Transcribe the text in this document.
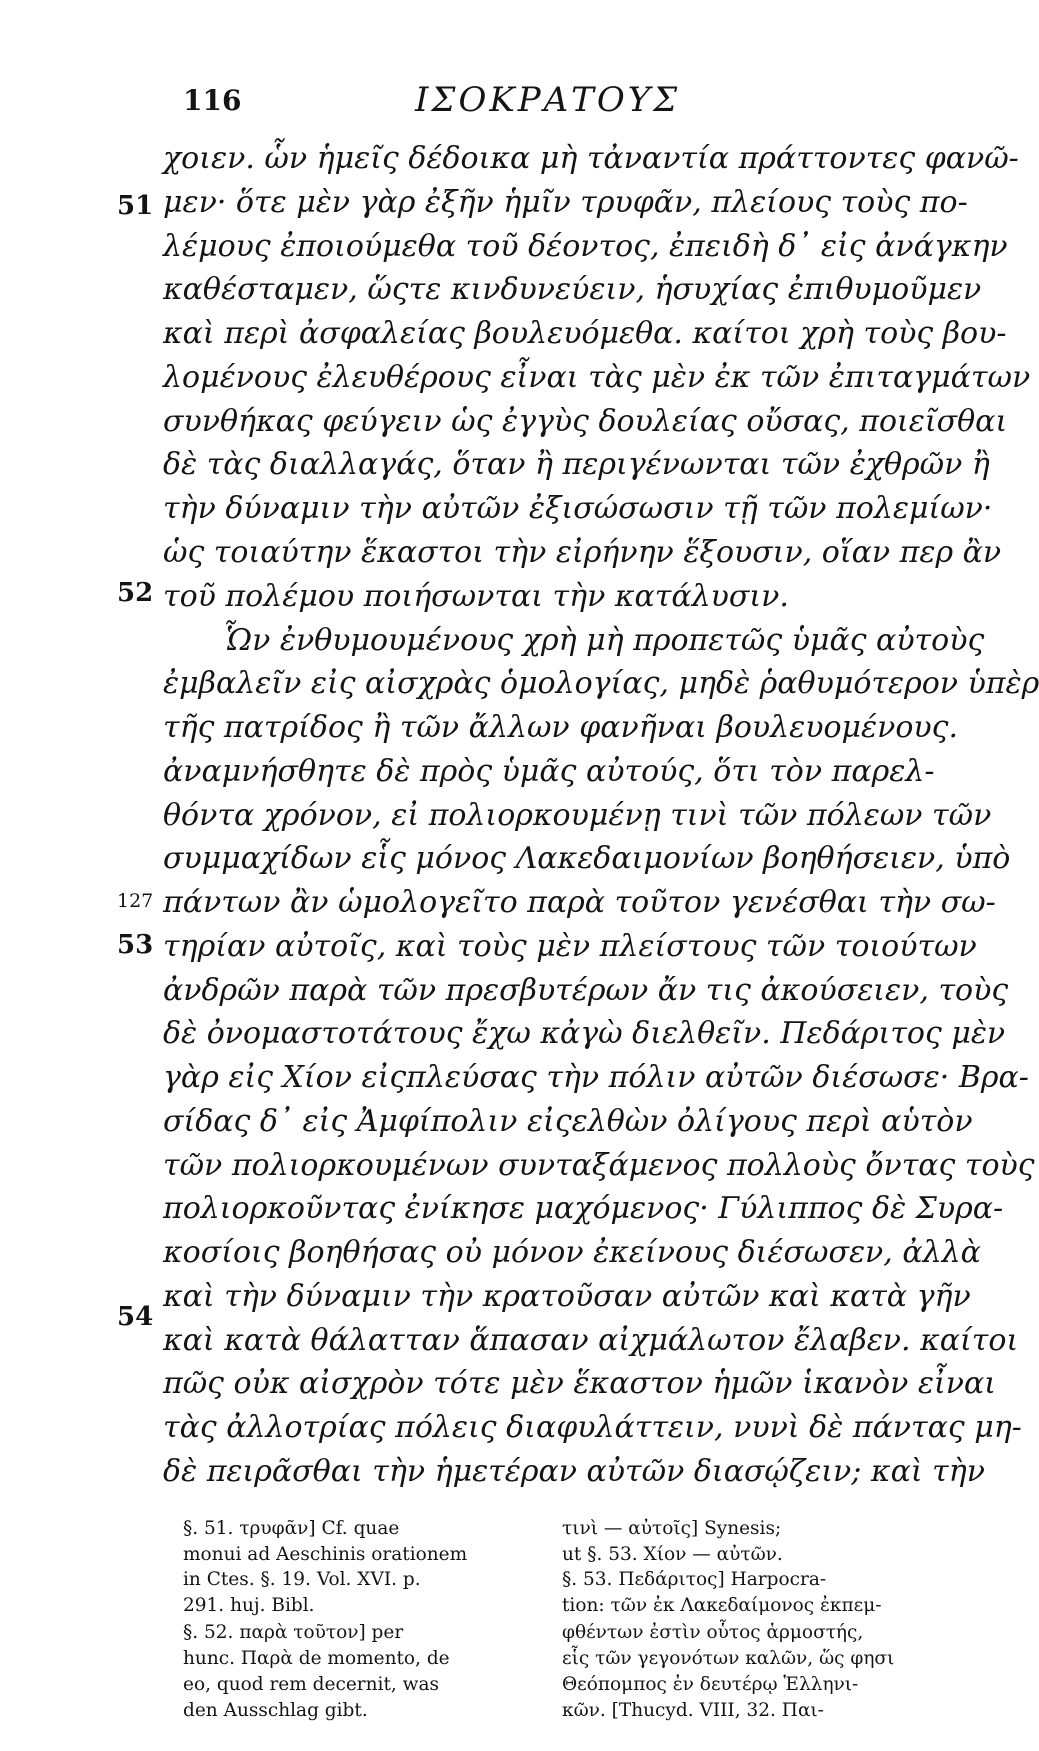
116	ΙΣΟΚΡΑΤΟΥΣ
χοιεν. ὧν ἡμεῖς δέδοικα μὴ τἀναντία πράττοντες φανῶ-
μεν· ὅτε μὲν γὰρ ἐξῆν ἡμῖν τρυφᾶν, πλείους τοὺς πο-
λέμους ἐποιούμεθα τοῦ δέοντος, ἐπειδὴ δ᾽ εἰς ἀνάγκην
καθέσταμεν, ὥςτε κινδυνεύειν, ἡσυχίας ἐπιθυμοῦμεν
καὶ περὶ ἀσφαλείας βουλευόμεθα. καίτοι χρὴ τοὺς βου-
λομένους ἐλευθέρους εἶναι τὰς μὲν ἐκ τῶν ἐπιταγμάτων
συνθήκας φεύγειν ὡς ἐγγὺς δουλείας οὔσας, ποιεῖσθαι
δὲ τὰς διαλλαγάς, ὅταν ἢ περιγένωνται τῶν ἐχθρῶν ἢ
τὴν δύναμιν τὴν αὐτῶν ἐξισώσωσιν τῇ τῶν πολεμίων·
ὡς τοιαύτην ἕκαστοι τὴν εἰρήνην ἕξουσιν, οἵαν περ ἂν
τοῦ πολέμου ποιήσωνται τὴν κατάλυσιν.
Ὧν ἐνθυμουμένους χρὴ μὴ προπετῶς ὑμᾶς αὐτοὺς
ἐμβαλεῖν εἰς αἰσχρὰς ὁμολογίας, μηδὲ ῥαθυμότερον ὑπὲρ
τῆς πατρίδος ἢ τῶν ἄλλων φανῆναι βουλευομένους.
ἀναμνήσθητε δὲ πρὸς ὑμᾶς αὐτούς, ὅτι τὸν παρελ-
θόντα χρόνον, εἰ πολιορκουμένῃ τινὶ τῶν πόλεων τῶν
συμμαχίδων εἷς μόνος Λακεδαιμονίων βοηθήσειεν, ὑπὸ
πάντων ἂν ὡμολογεῖτο παρὰ τοῦτον γενέσθαι τὴν σω-
τηρίαν αὐτοῖς, καὶ τοὺς μὲν πλείστους τῶν τοιούτων
ἀνδρῶν παρὰ τῶν πρεσβυτέρων ἄν τις ἀκούσειεν, τοὺς
δὲ ὀνομαστοτάτους ἔχω κἀγὼ διελθεῖν. Πεδάριτος μὲν
γὰρ εἰς Χίον εἰςπλεύσας τὴν πόλιν αὐτῶν διέσωσε· Βρα-
σίδας δ᾽ εἰς Ἀμφίπολιν εἰςελθὼν ὀλίγους περὶ αὑτὸν
τῶν πολιορκουμένων συνταξάμενος πολλοὺς ὄντας τοὺς
πολιορκοῦντας ἐνίκησε μαχόμενος· Γύλιππος δὲ Συρα-
κοσίοις βοηθήσας οὐ μόνον ἐκείνους διέσωσεν, ἀλλὰ
καὶ τὴν δύναμιν τὴν κρατοῦσαν αὐτῶν καὶ κατὰ γῆν
καὶ κατὰ θάλατταν ἅπασαν αἰχμάλωτον ἔλαβεν. καίτοι
πῶς οὐκ αἰσχρὸν τότε μὲν ἕκαστον ἡμῶν ἱκανὸν εἶναι
τὰς ἀλλοτρίας πόλεις διαφυλάττειν, νυνὶ δὲ πάντας μη-
δὲ πειρᾶσθαι τὴν ἡμετέραν αὐτῶν διασῴζειν; καὶ τὴν
51
52
53
54
127
§. 51. τρυφᾶν] Cf. quae
monui ad Aeschinis orationem
in Ctes. §. 19. Vol. XVI. p.
291. huj. Bibl.
§. 52. παρὰ τοῦτον] per
hunc. Παρὰ de momento, de
eo, quod rem decernit, was
den Ausschlag gibt.
τινὶ — αὐτοῖς] Synesis;
ut §. 53. Χίον — αὐτῶν.
§. 53. Πεδάριτος] Harpocra-
tion: τῶν ἐκ Λακεδαίμονος ἐκπεμ-
φθέντων ἐστὶν οὗτος ἁρμοστής,
εἷς τῶν γεγονότων καλῶν, ὥς φησι
Θεόπομπος ἐν δευτέρῳ Ἑλληνι-
κῶν. [Thucyd. VIII, 32. Παι-
